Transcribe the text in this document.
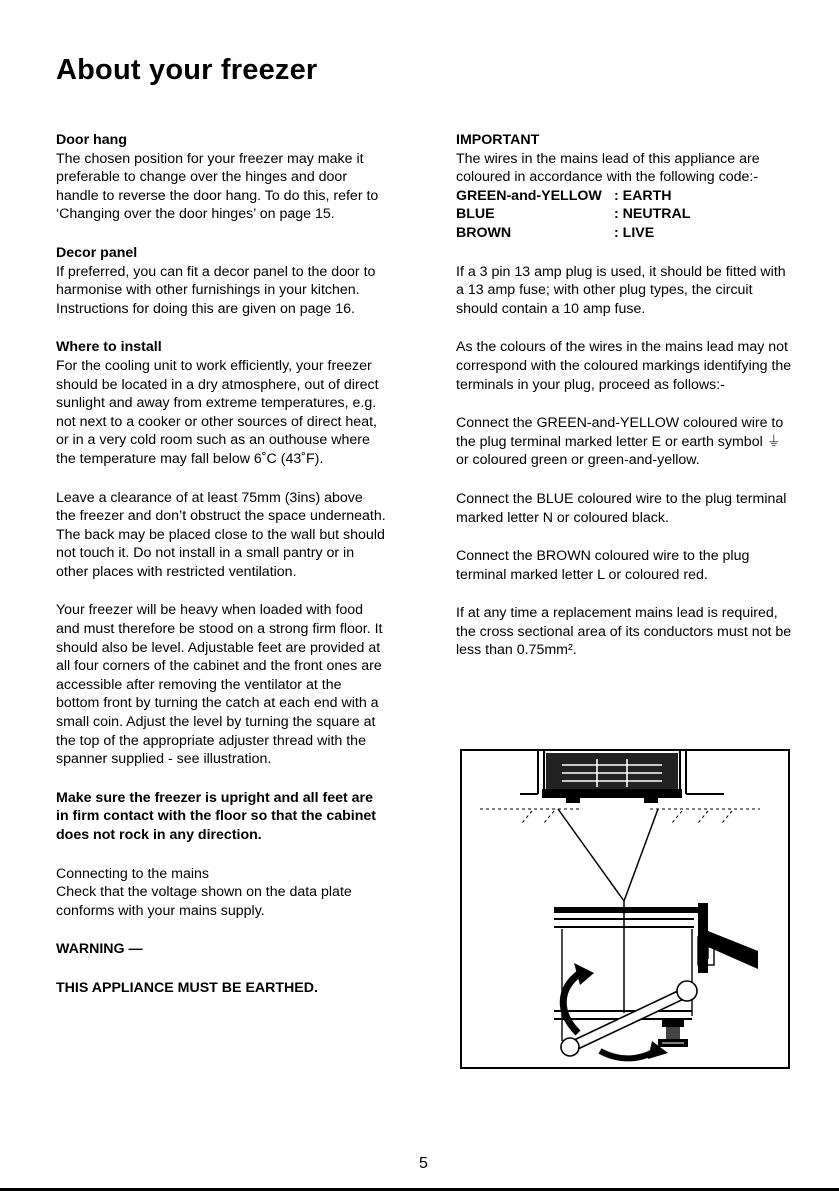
About your freezer
Door hang

The chosen position for your freezer may make it preferable to change over the hinges and door handle to reverse the door hang. To do this, refer to ‘Changing over the door hinges’ on page 15.

Decor panel

If preferred, you can fit a decor panel to the door to harmonise with other furnishings in your kitchen. Instructions for doing this are given on page 16.

Where to install

For the cooling unit to work efficiently, your freezer should be located in a dry atmosphere, out of direct sunlight and away from extreme temperatures, e.g. not next to a cooker or other sources of direct heat, or in a very cold room such as an outhouse where the temperature may fall below 6˚C (43˚F).

Leave a clearance of at least 75mm (3ins) above the freezer and don’t obstruct the space underneath. The back may be placed close to the wall but should not touch it. Do not install in a small pantry or in other places with restricted ventilation.

Your freezer will be heavy when loaded with food and must therefore be stood on a strong firm floor. It should also be level. Adjustable feet are provided at all four corners of the cabinet and the front ones are accessible after removing the ventilator at the bottom front by turning the catch at each end with a small coin. Adjust the level by turning the square at the top of the appropriate adjuster thread with the spanner supplied - see illustration.

Make sure the freezer is upright and all feet are in firm contact with the floor so that the cabinet does not rock in any direction.

Connecting to the mains

Check that the voltage shown on the data plate conforms with your mains supply.

WARNING —

THIS APPLIANCE MUST BE EARTHED.

IMPORTANT

The wires in the mains lead of this appliance are coloured in accordance with the following code:-

GREEN-and-YELLOW	: EARTH
BLUE	: NEUTRAL
BROWN	: LIVE

If a 3 pin 13 amp plug is used, it should be fitted with a 13 amp fuse; with other plug types, the circuit should contain a 10 amp fuse.

As the colours of the wires in the mains lead may not correspond with the coloured markings identifying the terminals in your plug, proceed as follows:-

Connect the GREEN-and-YELLOW coloured wire to the plug terminal marked letter E or earth symbol ⏚ or coloured green or green-and-yellow.

Connect the BLUE coloured wire to the plug terminal marked letter N or coloured black.

Connect the BROWN coloured wire to the plug terminal marked letter L or coloured red.

If at any time a replacement mains lead is required, the cross sectional area of its conductors must not be less than 0.75mm².

5
